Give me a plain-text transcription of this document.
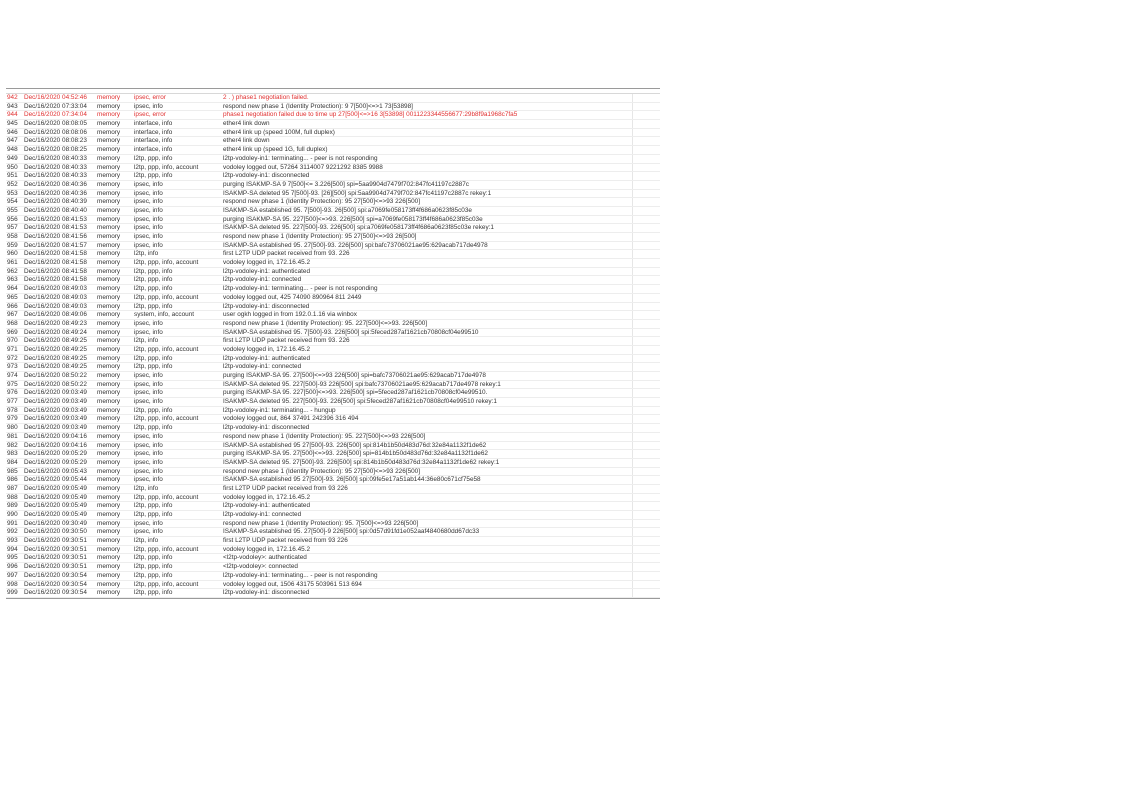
942 Dec/16/2020 04:52:46	memory	ipsec, error	2 . ) phase1 negotiation failed.
943 Dec/16/2020 07:33:04	memory	ipsec, info	respond new phase 1 (Identity Protection): 9 7[500]<=>1 73[53898]
944 Dec/16/2020 07:34:04	memory	ipsec, error	phase1 negotiation failed due to time up 27[500]<=>16 3[53898] 0011223344556677:29b8f9a1968c7fa5
945 Dec/16/2020 08:08:05	memory	interface, info	ether4 link down
946 Dec/16/2020 08:08:06	memory	interface, info	ether4 link up (speed 100M, full duplex)
947 Dec/16/2020 08:08:23	memory	interface, info	ether4 link down
948 Dec/16/2020 08:08:25	memory	interface, info	ether4 link up (speed 1G, full duplex)
949 Dec/16/2020 08:40:33	memory	l2tp, ppp, info	l2tp-vodoley-in1: terminating... - peer is not responding
950 Dec/16/2020 08:40:33	memory	l2tp, ppp, info, account	vodoley logged out, 57264 3114007 9221292 8385 9988
951 Dec/16/2020 08:40:33	memory	l2tp, ppp, info	l2tp-vodoley-in1: disconnected
952 Dec/16/2020 08:40:36	memory	ipsec, info	purging ISAKMP-SA 9 7[500]<= 3.226[500] spi=5aa9904d7479f702:847fc41197c2887c
953 Dec/16/2020 08:40:36	memory	ipsec, info	ISAKMP-SA deleted 95 7[500]-93. [26][500] spi:5aa9904d7479f702:847fc41197c2887c rekey:1
954 Dec/16/2020 08:40:39	memory	ipsec, info	respond new phase 1 (Identity Protection): 95 27[500]<=>93 226[500]
955 Dec/16/2020 08:40:40	memory	ipsec, info	ISAKMP-SA established 95. 7[500]-93. 26[500] spi:a7069fe058173ff4f686a0623f85c03e
956 Dec/16/2020 08:41:53	memory	ipsec, info	purging ISAKMP-SA 95. 227[500]<=>93. 226[500] spi=a7069fe058173ff4f686a0623f85c03e
957 Dec/16/2020 08:41:53	memory	ipsec, info	ISAKMP-SA deleted 95. 227[500]-93. 226[500] spi:a7069fe058173ff4f686a0623f85c03e rekey:1
958 Dec/16/2020 08:41:56	memory	ipsec, info	respond new phase 1 (Identity Protection): 95 27[500]<=>93 26[500]
959 Dec/16/2020 08:41:57	memory	ipsec, info	ISAKMP-SA established 95. 27[500]-93. 226[500] spi:bafc73706021ae95:629acab717de4978
960 Dec/16/2020 08:41:58	memory	l2tp, info	first L2TP UDP packet received from 93. 226
961 Dec/16/2020 08:41:58	memory	l2tp, ppp, info, account	vodoley logged in, 172.16.45.2
962 Dec/16/2020 08:41:58	memory	l2tp, ppp, info	l2tp-vodoley-in1: authenticated
963 Dec/16/2020 08:41:58	memory	l2tp, ppp, info	l2tp-vodoley-in1: connected
964 Dec/16/2020 08:49:03	memory	l2tp, ppp, info	l2tp-vodoley-in1: terminating... - peer is not responding
965 Dec/16/2020 08:49:03	memory	l2tp, ppp, info, account	vodoley logged out, 425 74090 890964 811 2449
966 Dec/16/2020 08:49:03	memory	l2tp, ppp, info	l2tp-vodoley-in1: disconnected
967 Dec/16/2020 08:49:06	memory	system, info, account	user ogkh logged in from 192.0.1.16 via winbox
968 Dec/16/2020 08:49:23	memory	ipsec, info	respond new phase 1 (Identity Protection): 95. 227[500]<=>93. 226[500]
969 Dec/16/2020 08:49:24	memory	ipsec, info	ISAKMP-SA established 95. 7[500]-93. 226[500] spi:5feced287af1621cb70808cf04e99510
970 Dec/16/2020 08:49:25	memory	l2tp, info	first L2TP UDP packet received from 93. 226
971 Dec/16/2020 08:49:25	memory	l2tp, ppp, info, account	vodoley logged in, 172.16.45.2
972 Dec/16/2020 08:49:25	memory	l2tp, ppp, info	l2tp-vodoley-in1: authenticated
973 Dec/16/2020 08:49:25	memory	l2tp, ppp, info	l2tp-vodoley-in1: connected
974 Dec/16/2020 08:50:22	memory	ipsec, info	purging ISAKMP-SA 95. 27[500]<=>93 226[500] spi=bafc73706021ae95:629acab717de4978
975 Dec/16/2020 08:50:22	memory	ipsec, info	ISAKMP-SA deleted 95. 227[500]-93 226[500] spi:bafc73706021ae95:629acab717de4978 rekey:1
976 Dec/16/2020 09:03:49	memory	ipsec, info	purging ISAKMP-SA 95. 227[500]<=>93. 226[500] spi=5feced287af1621cb70808cf04e99510.
977 Dec/16/2020 09:03:49	memory	ipsec, info	ISAKMP-SA deleted 95. 227[500]-93. 226[500] spi:5feced287af1621cb70808cf04e99510 rekey:1
978 Dec/16/2020 09:03:49	memory	l2tp, ppp, info	l2tp-vodoley-in1: terminating... - hungup
979 Dec/16/2020 09:03:49	memory	l2tp, ppp, info, account	vodoley logged out, 864 37491 242396 316 494
980 Dec/16/2020 09:03:49	memory	l2tp, ppp, info	l2tp-vodoley-in1: disconnected
981 Dec/16/2020 09:04:16	memory	ipsec, info	respond new phase 1 (Identity Protection): 95. 227[500]<=>93 226[500]
982 Dec/16/2020 09:04:16	memory	ipsec, info	ISAKMP-SA established 95 27[500]-93. 226[500] spi:814b1b50d483d76d:32e84a1132f1de62
983 Dec/16/2020 09:05:29	memory	ipsec, info	purging ISAKMP-SA 95. 27[500]<=>93. 226[500] spi=814b1b50d483d76d:32e84a1132f1de62
984 Dec/16/2020 09:05:29	memory	ipsec, info	ISAKMP-SA deleted 95. 27[500]-93. 226[500] spi:814b1b50d483d76d:32e84a1132f1de62 rekey:1
985 Dec/16/2020 09:05:43	memory	ipsec, info	respond new phase 1 (Identity Protection): 95 27[500]<=>93 226[500]
986 Dec/16/2020 09:05:44	memory	ipsec, info	ISAKMP-SA established 95 27[500]-93. 26[500] spi:09fe5e17a51ab144:36e80c671cf75e58
987 Dec/16/2020 09:05:49	memory	l2tp, info	first L2TP UDP packet received from 93 226
988 Dec/16/2020 09:05:49	memory	l2tp, ppp, info, account	vodoley logged in, 172.16.45.2
989 Dec/16/2020 09:05:49	memory	l2tp, ppp, info	l2tp-vodoley-in1: authenticated
990 Dec/16/2020 09:05:49	memory	l2tp, ppp, info	l2tp-vodoley-in1: connected
991 Dec/16/2020 09:30:49	memory	ipsec, info	respond new phase 1 (Identity Protection): 95. 7[500]<=>93 226[500]
992 Dec/16/2020 09:30:50	memory	ipsec, info	ISAKMP-SA established 95. 27[500]-9 226[500] spi:0d57d91fd1e052aaf4840680dd67dc33
993 Dec/16/2020 09:30:51	memory	l2tp, info	first L2TP UDP packet received from 93 226
994 Dec/16/2020 09:30:51	memory	l2tp, ppp, info, account	vodoley logged in, 172.16.45.2
995 Dec/16/2020 09:30:51	memory	l2tp, ppp, info	<l2tp-vodoley>: authenticated
996 Dec/16/2020 09:30:51	memory	l2tp, ppp, info	<l2tp-vodoley>: connected
997 Dec/16/2020 09:30:54	memory	l2tp, ppp, info	l2tp-vodoley-in1: terminating... - peer is not responding
998 Dec/16/2020 09:30:54	memory	l2tp, ppp, info, account	vodoley logged out, 1506 43175 503961 513 694
999 Dec/16/2020 09:30:54	memory	l2tp, ppp, info	l2tp-vodoley-in1: disconnected
